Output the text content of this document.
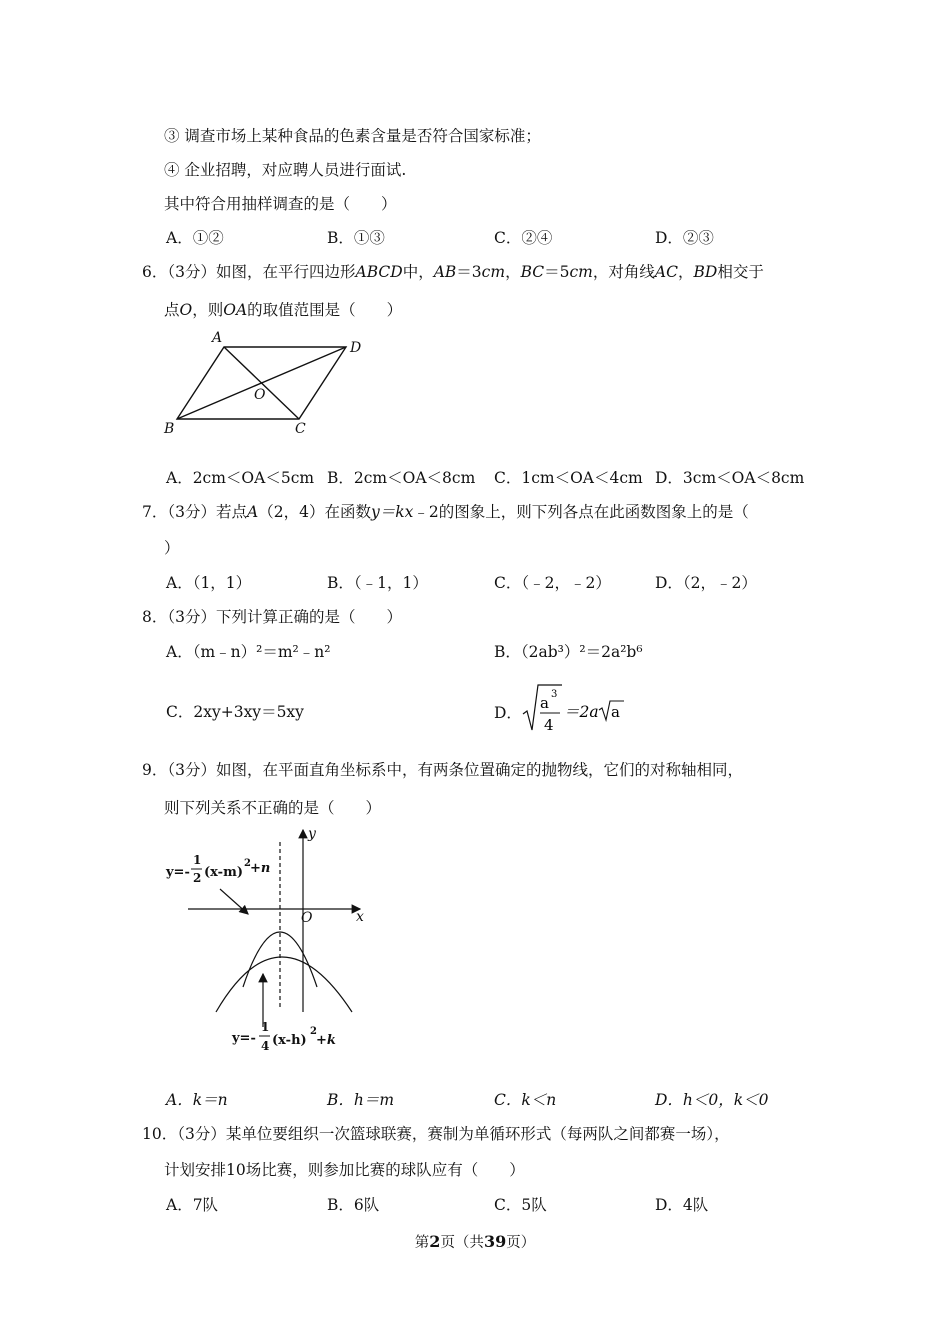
③ 调查市场上某种食品的色素含量是否符合国家标准；
④ 企业招聘，对应聘人员进行面试.
其中符合用抽样调查的是（　　）
A．①②	B．①③	C．②④	D．②③
6．（3分）如图，在平行四边形ABCD中，AB＝3cm，BC＝5cm，对角线AC，BD相交于
点O，则OA的取值范围是（　　）
A
D
O
B	C
A．2cm＜OA＜5cm B．2cm＜OA＜8cm C．1cm＜OA＜4cm D．3cm＜OA＜8cm
7．（3分）若点A（2，4）在函数y＝kx﹣2的图象上，则下列各点在此函数图象上的是（
）
A．（1，1）	B．（﹣1，1）	C．（﹣2，﹣2）	D．（2，﹣2）
8．（3分）下列计算正确的是（　　）
A．（m﹣n）²＝m²﹣n²	B．（2ab³）²＝2a²b⁶
C．2xy+3xy＝5xy	D．
a 3
4
＝2a a
9．（3分）如图，在平面直角坐标系中，有两条位置确定的抛物线，它们的对称轴相同，
则下列关系不正确的是（　　）
y
x
O
y=-
1
2 (x-m)
2 +n
y=-
1
4 (x-h)
2
+k
A．k＝n	B．h＝m	C．k＜n	D．h＜0，k＜0
10．（3分）某单位要组织一次篮球联赛，赛制为单循环形式（每两队之间都赛一场），
计划安排10场比赛，则参加比赛的球队应有（　　）
A．7队	B．6队	C．5队	D．4队
第2页（共39页）
